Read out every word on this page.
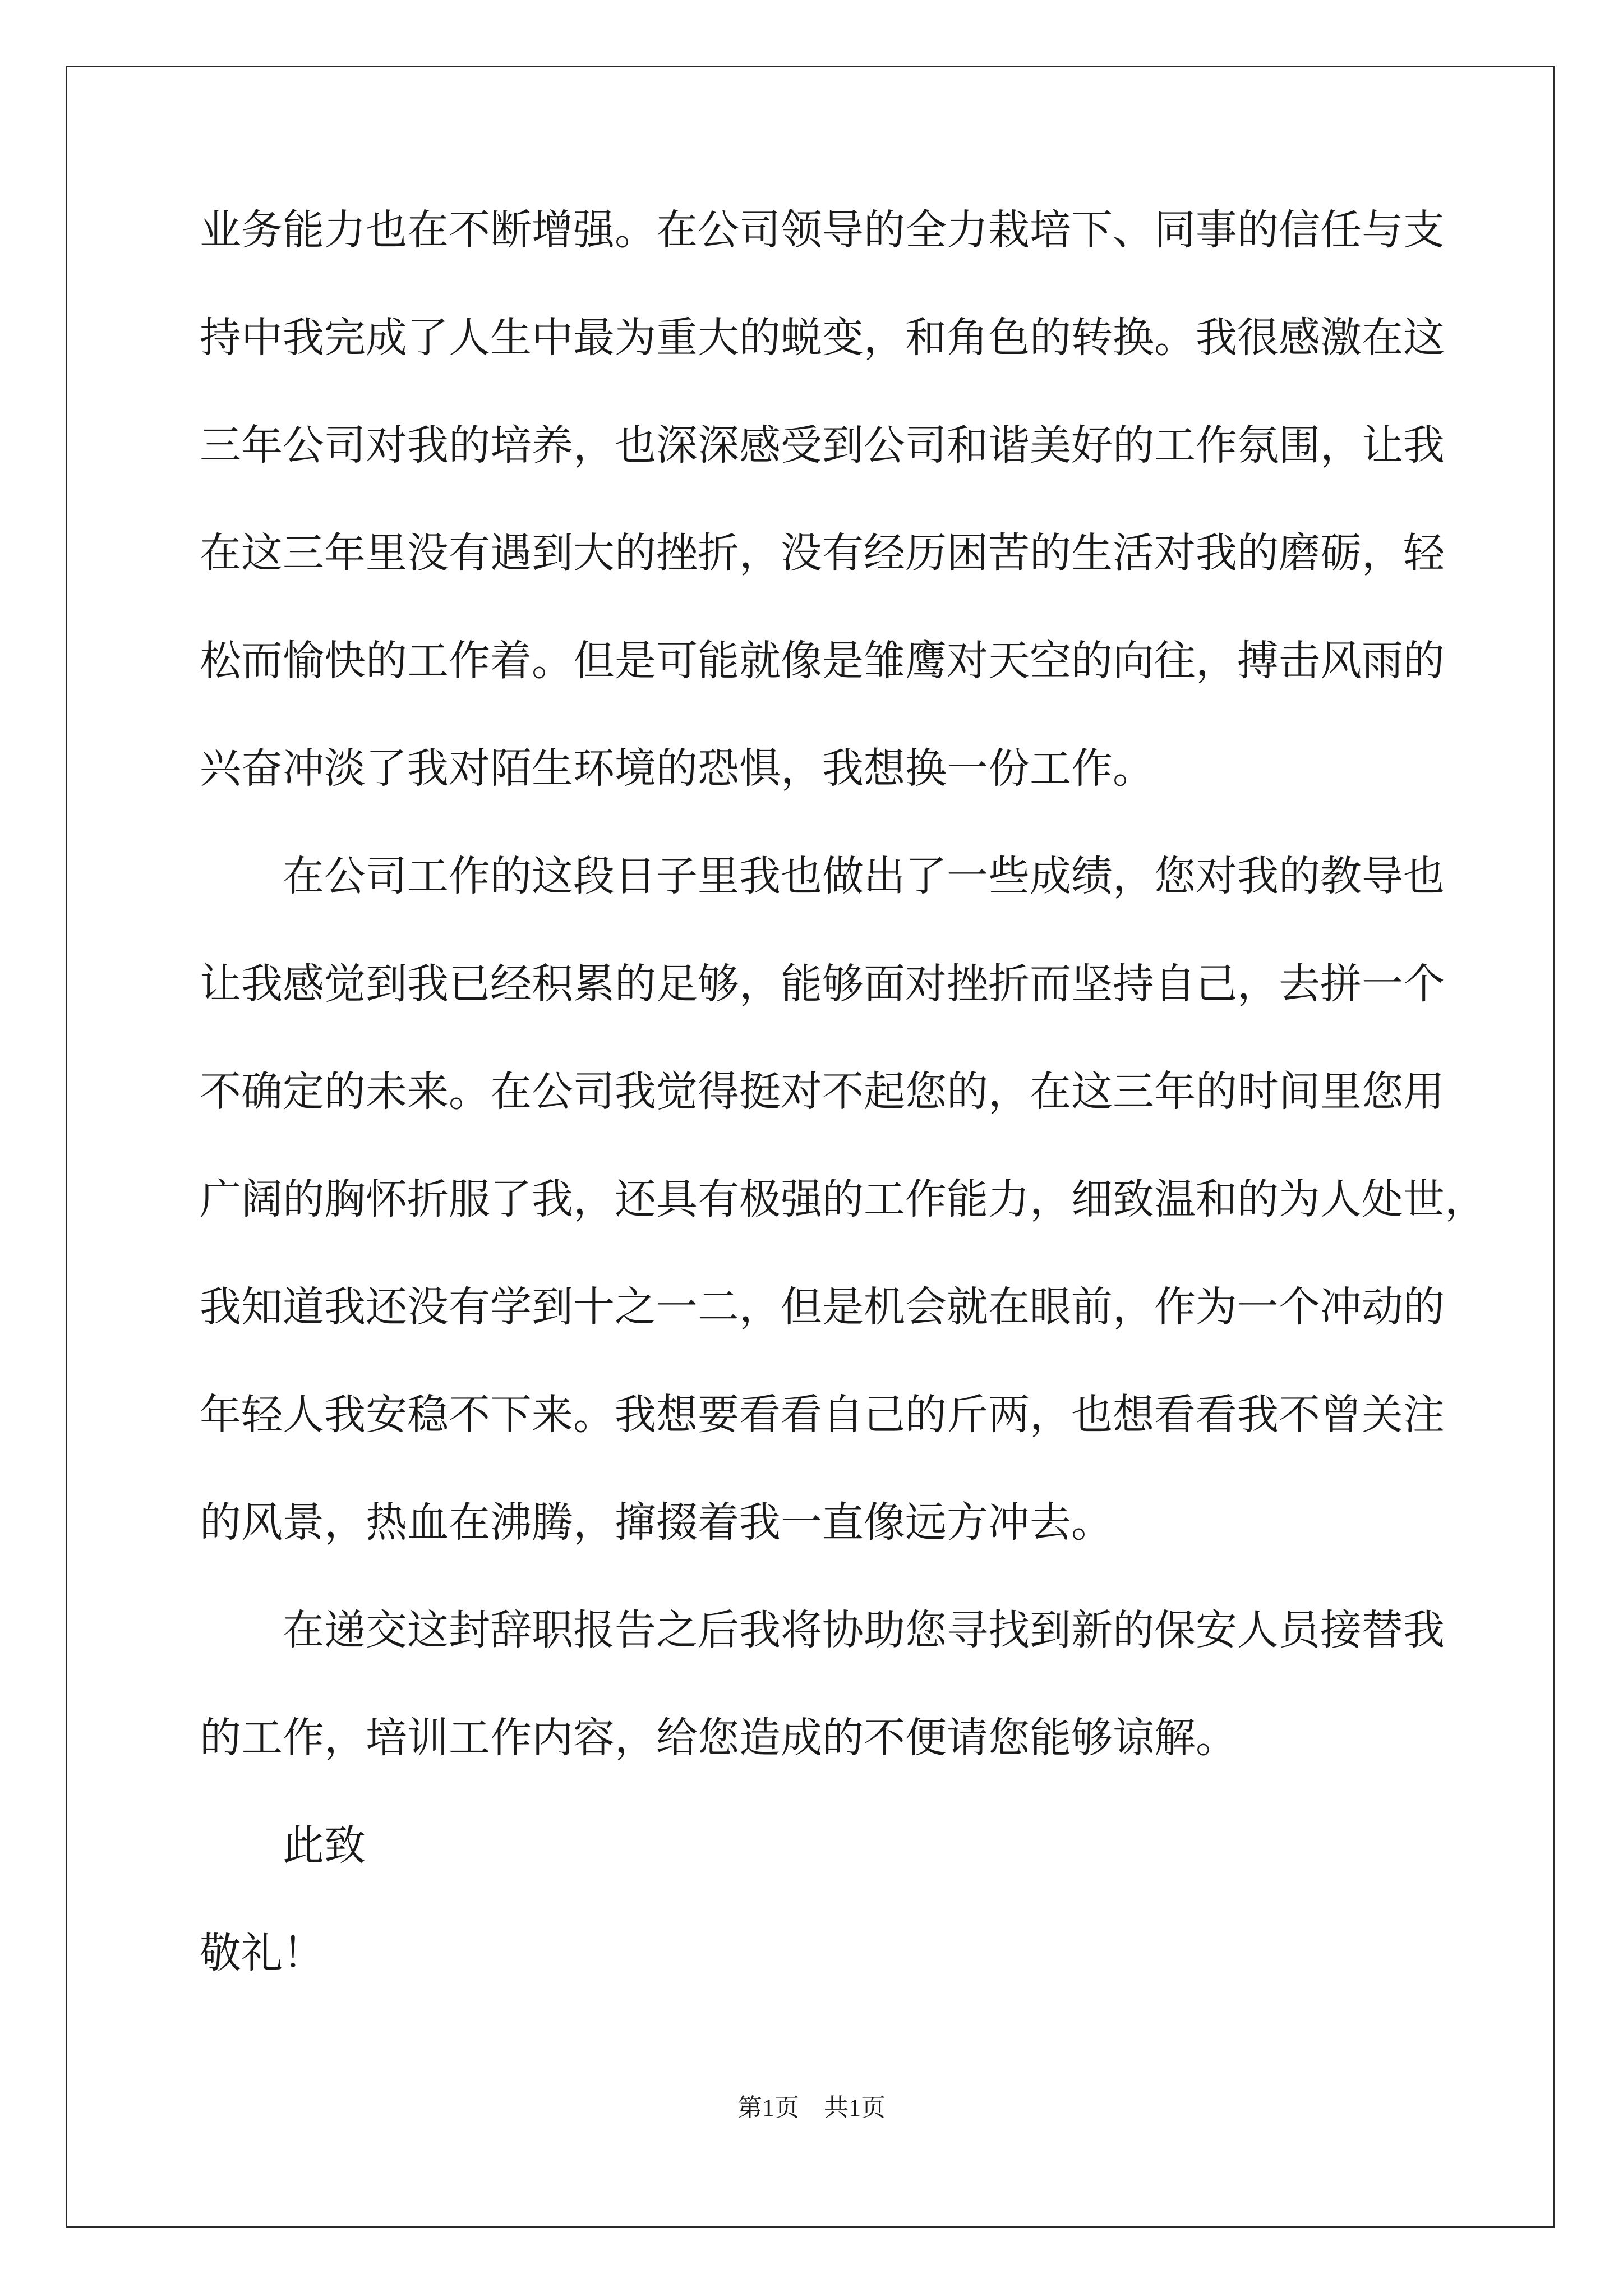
业务能力也在不断增强。在公司领导的全力栽培下、同事的信任与支
持中我完成了人生中最为重大的蜕变，和角色的转换。我很感激在这
三年公司对我的培养，也深深感受到公司和谐美好的工作氛围，让我
在这三年里没有遇到大的挫折，没有经历困苦的生活对我的磨砺，轻
松而愉快的工作着。但是可能就像是雏鹰对天空的向往，搏击风雨的
兴奋冲淡了我对陌生环境的恐惧，我想换一份工作。
　　在公司工作的这段日子里我也做出了一些成绩，您对我的教导也
让我感觉到我已经积累的足够，能够面对挫折而坚持自己，去拼一个
不确定的未来。在公司我觉得挺对不起您的，在这三年的时间里您用
广阔的胸怀折服了我，还具有极强的工作能力，细致温和的为人处世，
我知道我还没有学到十之一二，但是机会就在眼前，作为一个冲动的
年轻人我安稳不下来。我想要看看自己的斤两，也想看看我不曾关注
的风景，热血在沸腾，撺掇着我一直像远方冲去。
　　在递交这封辞职报告之后我将协助您寻找到新的保安人员接替我
的工作，培训工作内容，给您造成的不便请您能够谅解。
　　此致
敬礼！
第1页　共1页
